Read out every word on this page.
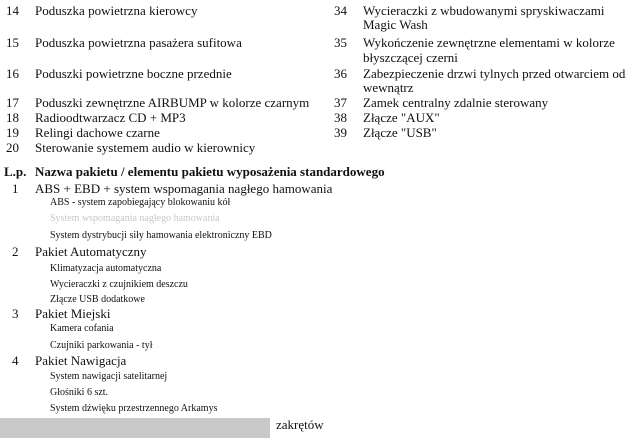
14 Poduszka powietrzna kierowcy
15 Poduszka powietrzna pasażera sufitowa
16 Poduszki powietrzne boczne przednie
17 Poduszki zewnętrzne AIRBUMP w kolorze czarnym
18 Radioodtwarzacz CD + MP3
19 Relingi dachowe czarne
20 Sterowanie systemem audio w kierownicy
34 Wycieraczki z wbudowanymi spryskiwaczami
Magic Wash
35 Wykończenie zewnętrzne elementami w kolorze
błyszczącej czerni
36 Zabezpieczenie drzwi tylnych przed otwarciem od
wewnątrz
37 Zamek centralny zdalnie sterowany
38 Złącze "AUX"
39 Złącze "USB"
L.p. Nazwa pakietu / elementu pakietu wyposażenia standardowego
1 ABS + EBD + system wspomagania nagłego hamowania
ABS - system zapobiegający blokowaniu kół
System wspomagania nagłego hamowania
System dystrybucji siły hamowania elektroniczny EBD
2 Pakiet Automatyczny
Klimatyzacja automatyczna
Wycieraczki z czujnikiem deszczu
Złącze USB dodatkowe
3 Pakiet Miejski
Kamera cofania
Czujniki parkowania - tył
4 Pakiet Nawigacja
System nawigacji satelitarnej
Głośniki 6 szt.
System dźwięku przestrzennego Arkamys
zakrętów
